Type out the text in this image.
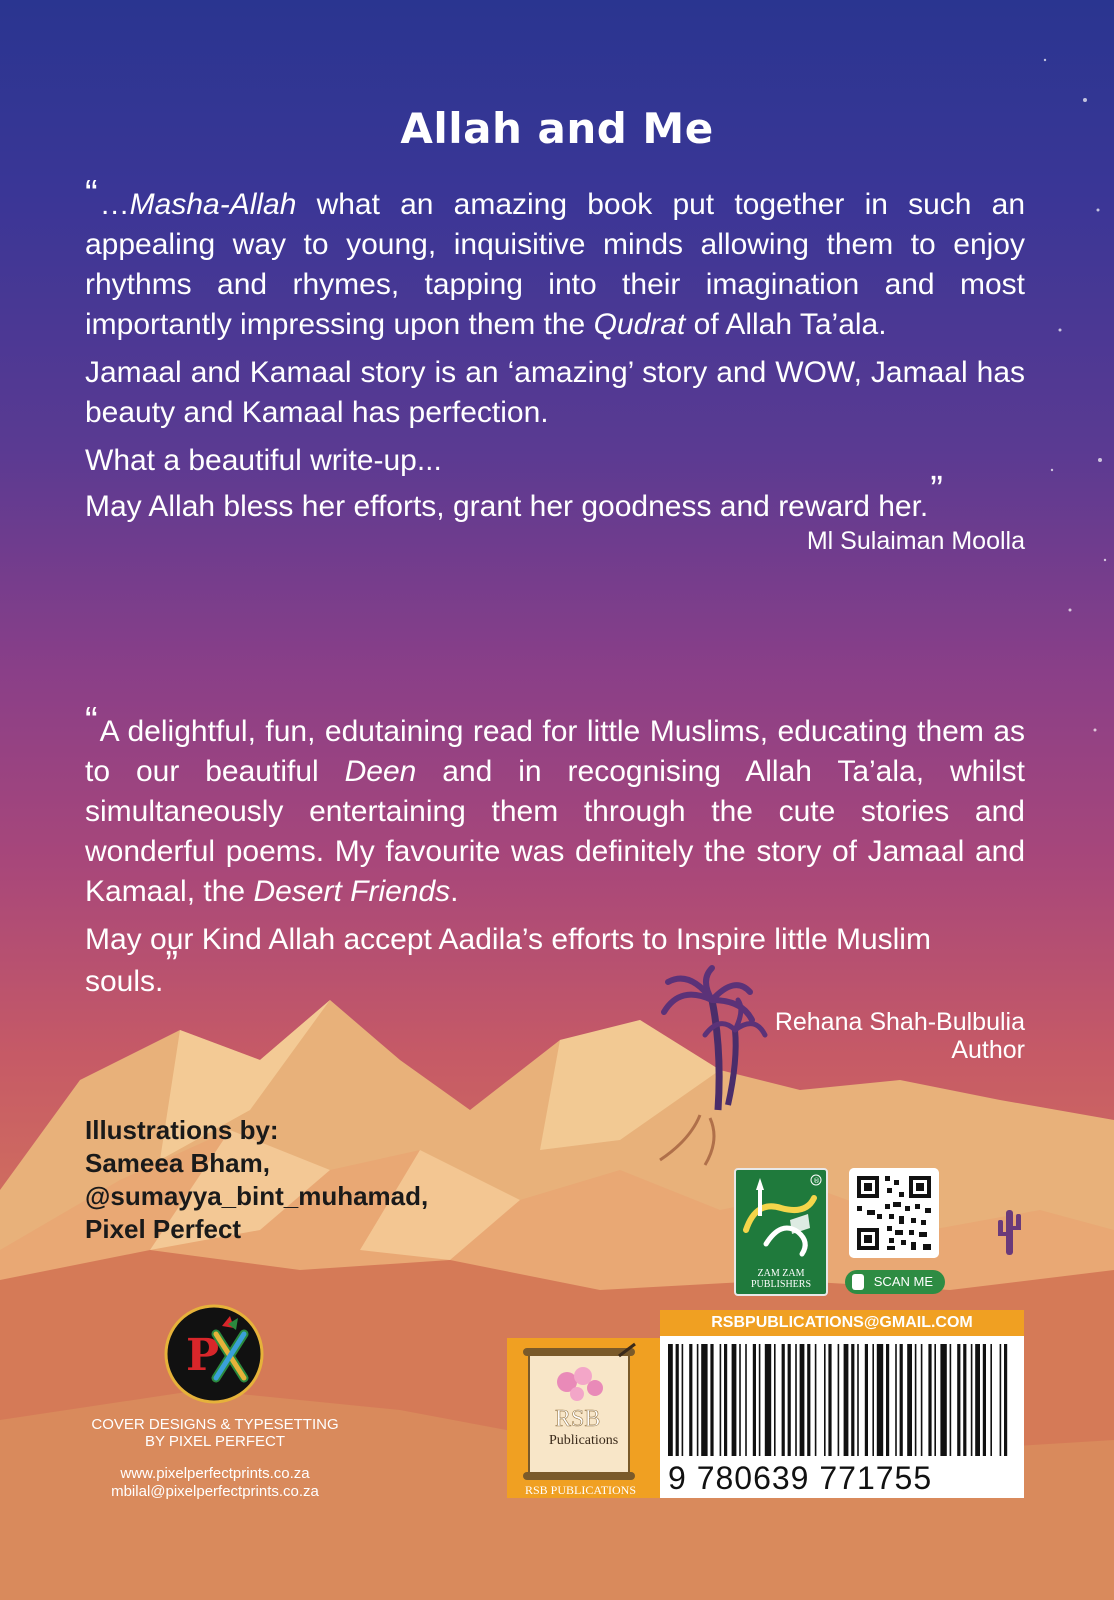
Allah and Me

“…Masha-Allah what an amazing book put together in such an appealing way to young, inquisitive minds allowing them to enjoy rhythms and rhymes, tapping into their imagination and most importantly impressing upon them the Qudrat of Allah Ta’ala.

Jamaal and Kamaal story is an ‘amazing’ story and WOW, Jamaal has beauty and Kamaal has perfection.

What a beautiful write-up...

May Allah bless her efforts, grant her goodness and reward her.”

Ml Sulaiman Moolla

“A delightful, fun, edutaining read for little Muslims, educating them as to our beautiful Deen and in recognising Allah Ta’ala, whilst simultaneously entertaining them through the cute stories and wonderful poems. My favourite was definitely the story of Jamaal and Kamaal, the Desert Friends.

May our Kind Allah accept Aadila’s efforts to Inspire little Muslim souls.”

Rehana Shah-Bulbulia
Author
Illustrations by:
Sameea Bham,
@sumayya_bint_muhamad,
Pixel Perfect
P
COVER DESIGNS & TYPESETTING
BY PIXEL PERFECT
www.pixelperfectprints.co.za
mbilal@pixelperfectprints.co.za
®
ZAM ZAM
PUBLISHERS	SCAN ME
RSBPUBLICATIONS@GMAIL.COM
RSB
Publications
RSB PUBLICATIONS 9 780639 771755
